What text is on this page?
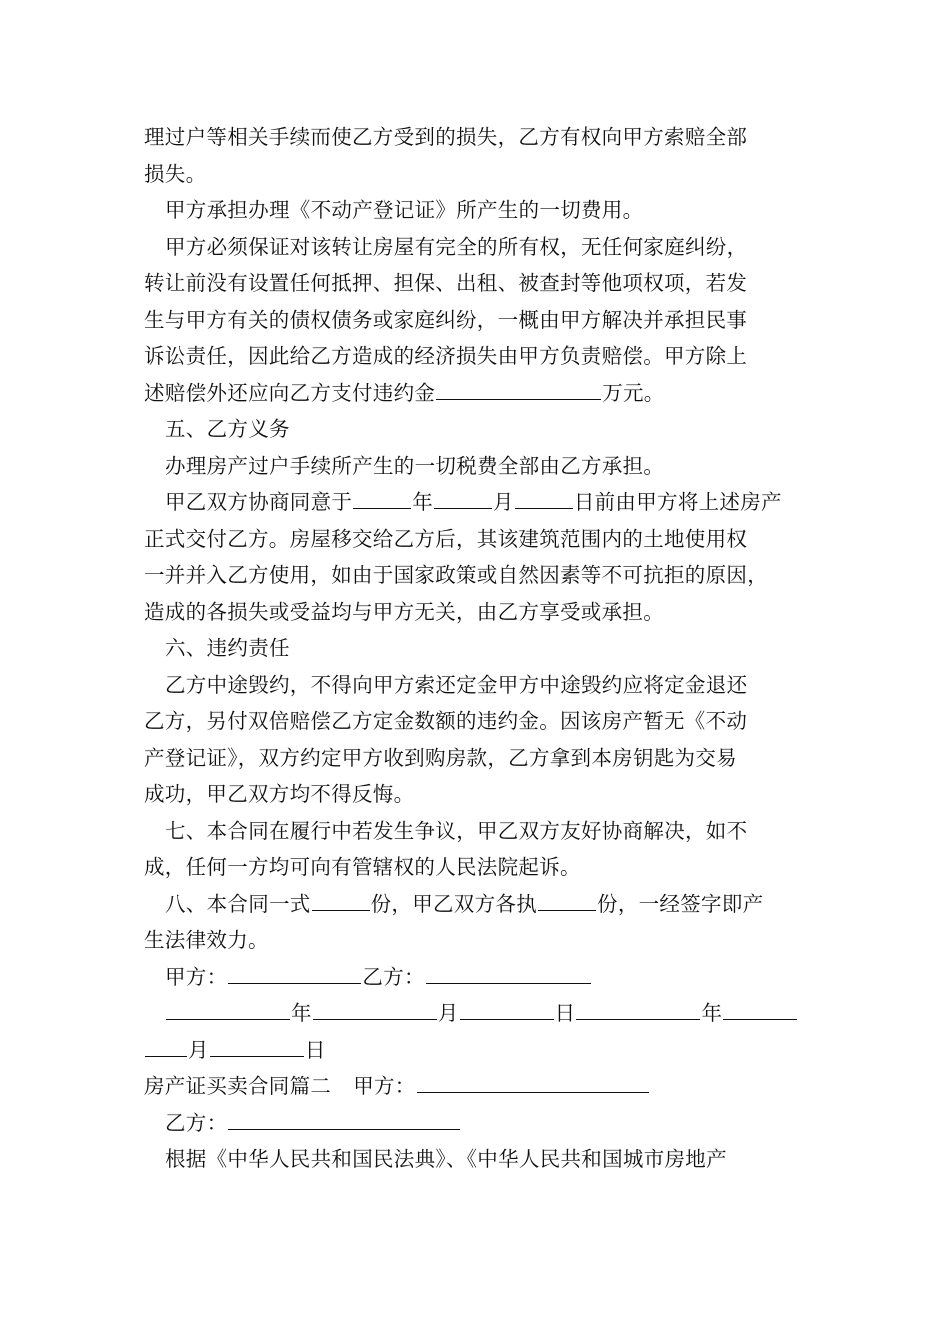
理过户等相关手续而使乙方受到的损失，乙方有权向甲方索赔全部
损失。
甲方承担办理《不动产登记证》所产生的一切费用。
甲方必须保证对该转让房屋有完全的所有权，无任何家庭纠纷，
转让前没有设置任何抵押、担保、出租、被查封等他项权项，若发
生与甲方有关的债权债务或家庭纠纷，一概由甲方解决并承担民事
诉讼责任，因此给乙方造成的经济损失由甲方负责赔偿。甲方除上
述赔偿外还应向乙方支付违约金	万元。
五、乙方义务
办理房产过户手续所产生的一切税费全部由乙方承担。
甲乙双方协商同意于	年	月	日前由甲方将上述房产
正式交付乙方。房屋移交给乙方后，其该建筑范围内的土地使用权
一并并入乙方使用，如由于国家政策或自然因素等不可抗拒的原因，
造成的各损失或受益均与甲方无关，由乙方享受或承担。
六、违约责任
乙方中途毁约，不得向甲方索还定金甲方中途毁约应将定金退还
乙方，另付双倍赔偿乙方定金数额的违约金。因该房产暂无《不动
产登记证》，双方约定甲方收到购房款，乙方拿到本房钥匙为交易
成功，甲乙双方均不得反悔。
七、本合同在履行中若发生争议，甲乙双方友好协商解决，如不
成，任何一方均可向有管辖权的人民法院起诉。
八、本合同一式	份，甲乙双方各执	份，一经签字即产
生法律效力。
甲方：	乙方：
年	月	日	年
月	日
房产证买卖合同篇二 甲方：
乙方：
根据《中华人民共和国民法典》、《中华人民共和国城市房地产
